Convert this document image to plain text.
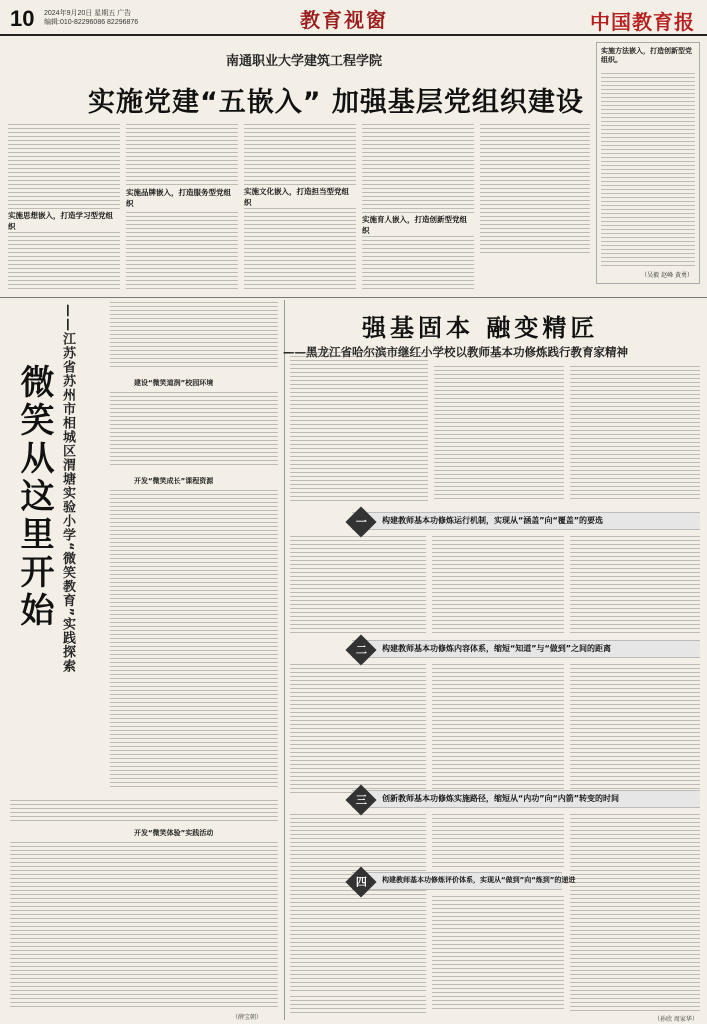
10 2024年9月20日 星期五 广告
编辑:010-82296086 82296876	教育视窗	中国教育报
南通职业大学建筑工程学院
实施党建“五嵌入” 加强基层党组织建设
实施思想嵌入，打造学习型党组织
实施品牌嵌入，打造服务型党组织
实施文化嵌入，打造担当型党组织
实施育人嵌入，打造创新型党组织
实施方法嵌入，打造创新型党组织。
（吴毅 赵峰 黄勇）
微笑从这里开始 ——江苏省苏州市相城区渭塘实验小学“微笑教育”实践探索	建设“微笑道润”校园环境
开发“微笑成长”课程资源
开发“微笑体验”实践活动
（薛宝朝）
强基固本 融变精匠
——黑龙江省哈尔滨市继红小学校以教师基本功修炼践行教育家精神
一	构建教师基本功修炼运行机制，实现从“涵盖”向“覆盖”的要选
二	构建教师基本功修炼内容体系，缩短“知道”与“做到”之间的距离
三	创新教师基本功修炼实施路径，缩短从“内功”向“内箭”转变的时间
四	构建教师基本功修炼评价体系，实现从“做到”向“炼到”的递进
（孙欣 周家华）
